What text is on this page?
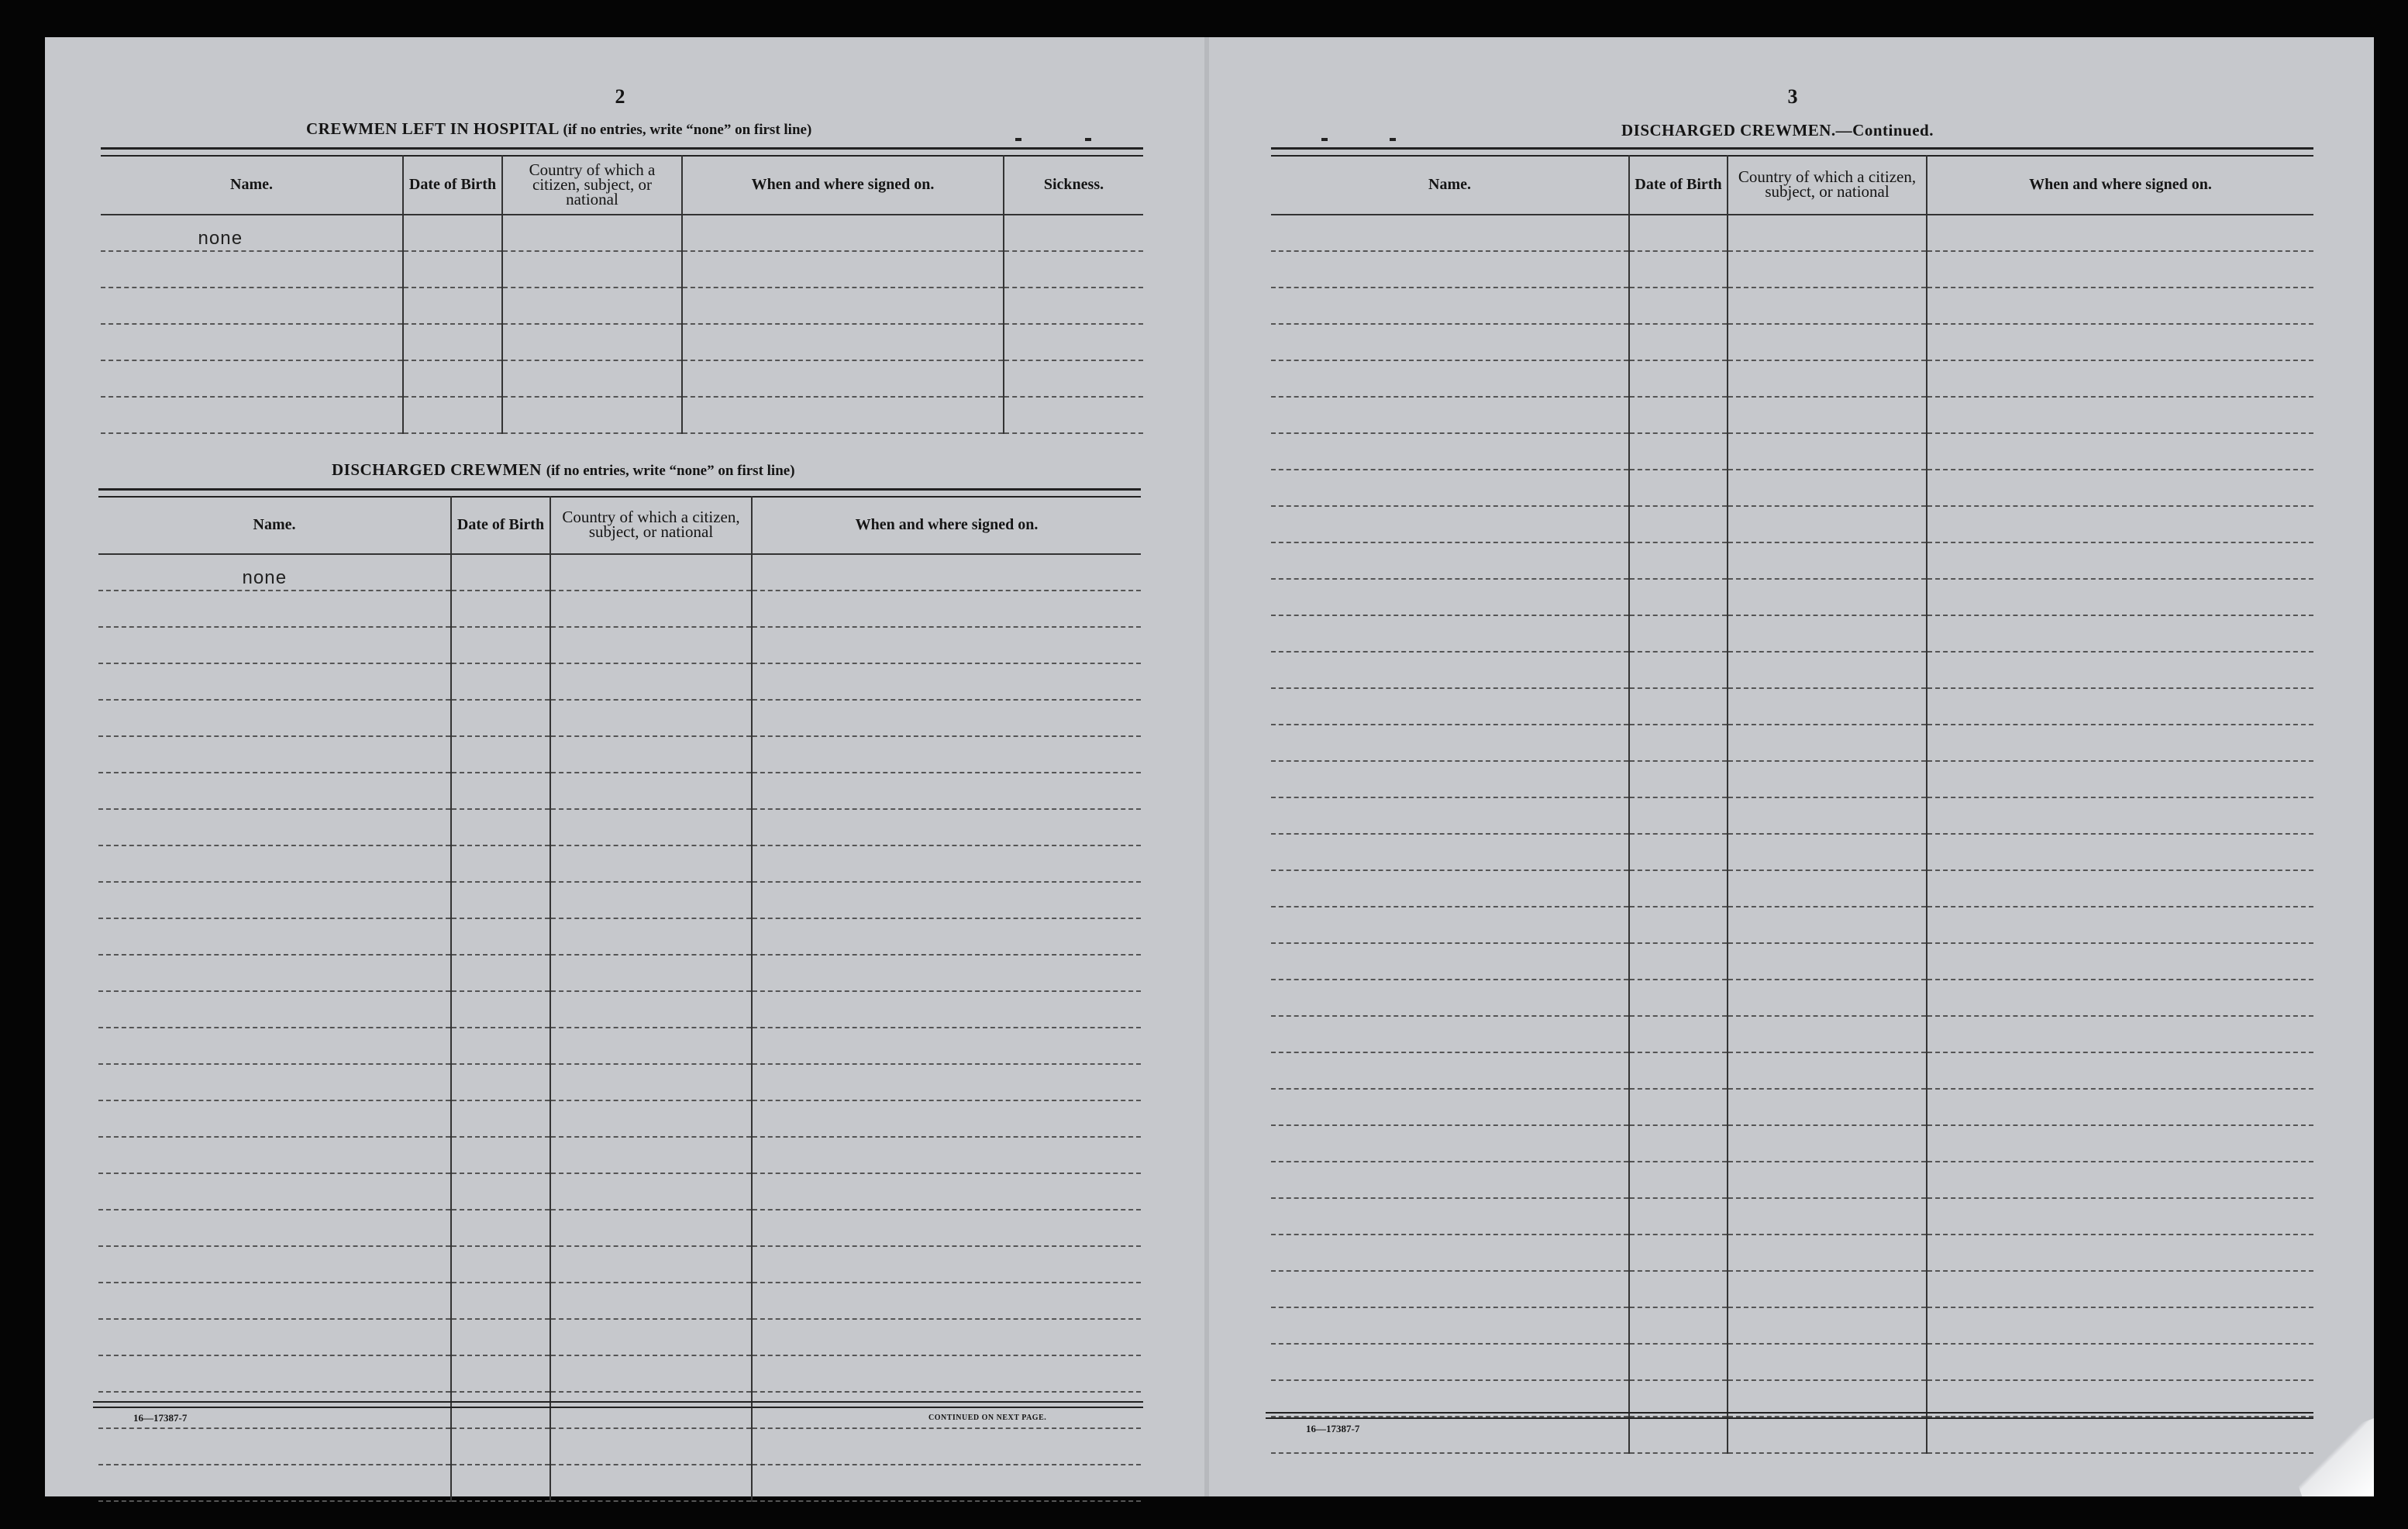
2
CREWMEN LEFT IN HOSPITAL (if no entries, write “none” on first line)
Name.	Date of Birth	Country of which a citizen, subject, or national	When and where signed on.	Sickness.
none				

DISCHARGED CREWMEN (if no entries, write “none” on first line)
Name.	Date of Birth	Country of which a citizen, subject, or national	When and where signed on.
none			

16—17387-7	CONTINUED ON NEXT PAGE.
3
DISCHARGED CREWMEN.—Continued.
Name.	Date of Birth	Country of which a citizen, subject, or national	When and where signed on.

16—17387-7
